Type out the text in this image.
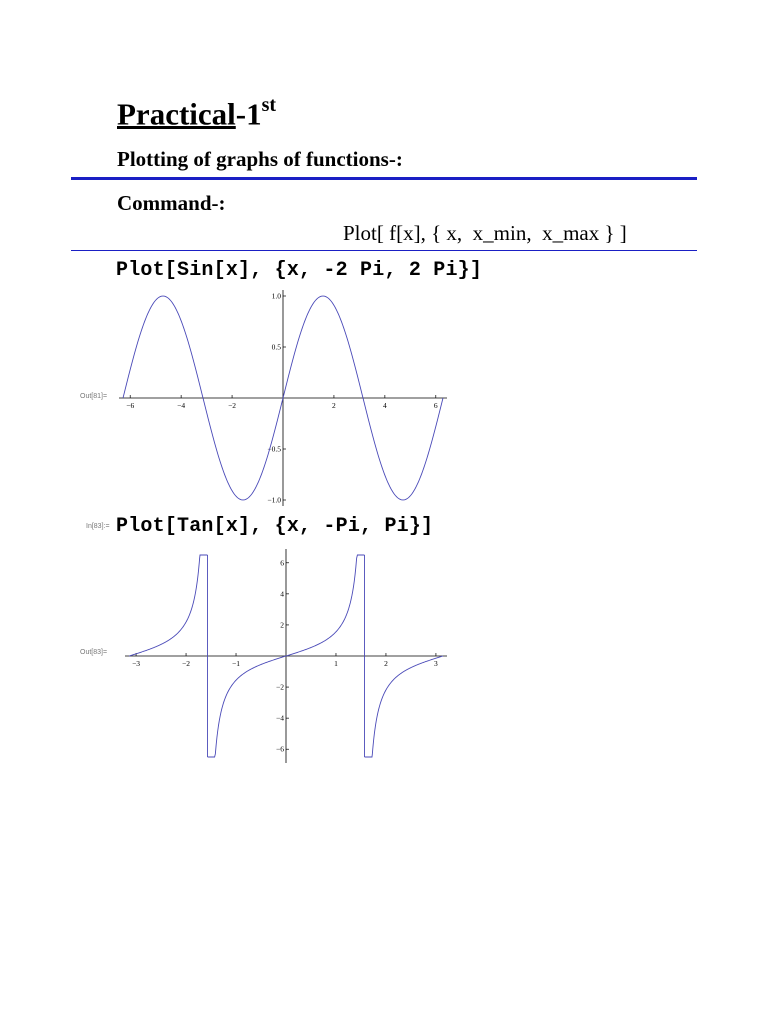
Practical-1st
Plotting of graphs of functions-:
Command-:
Plot[ f[x], { x,  x_min,  x_max } ]
Plot[Sin[x], {x, -2 Pi, 2 Pi}]
Out[81]=
−6	−4	−2	2	4	6
1.0
0.5
−0.5
−1.0
In[83]:= Plot[Tan[x], {x, -Pi, Pi}]
Out[83]=
−3	−2	−1	1	2	3
6
4
2
−2
−4
−6
